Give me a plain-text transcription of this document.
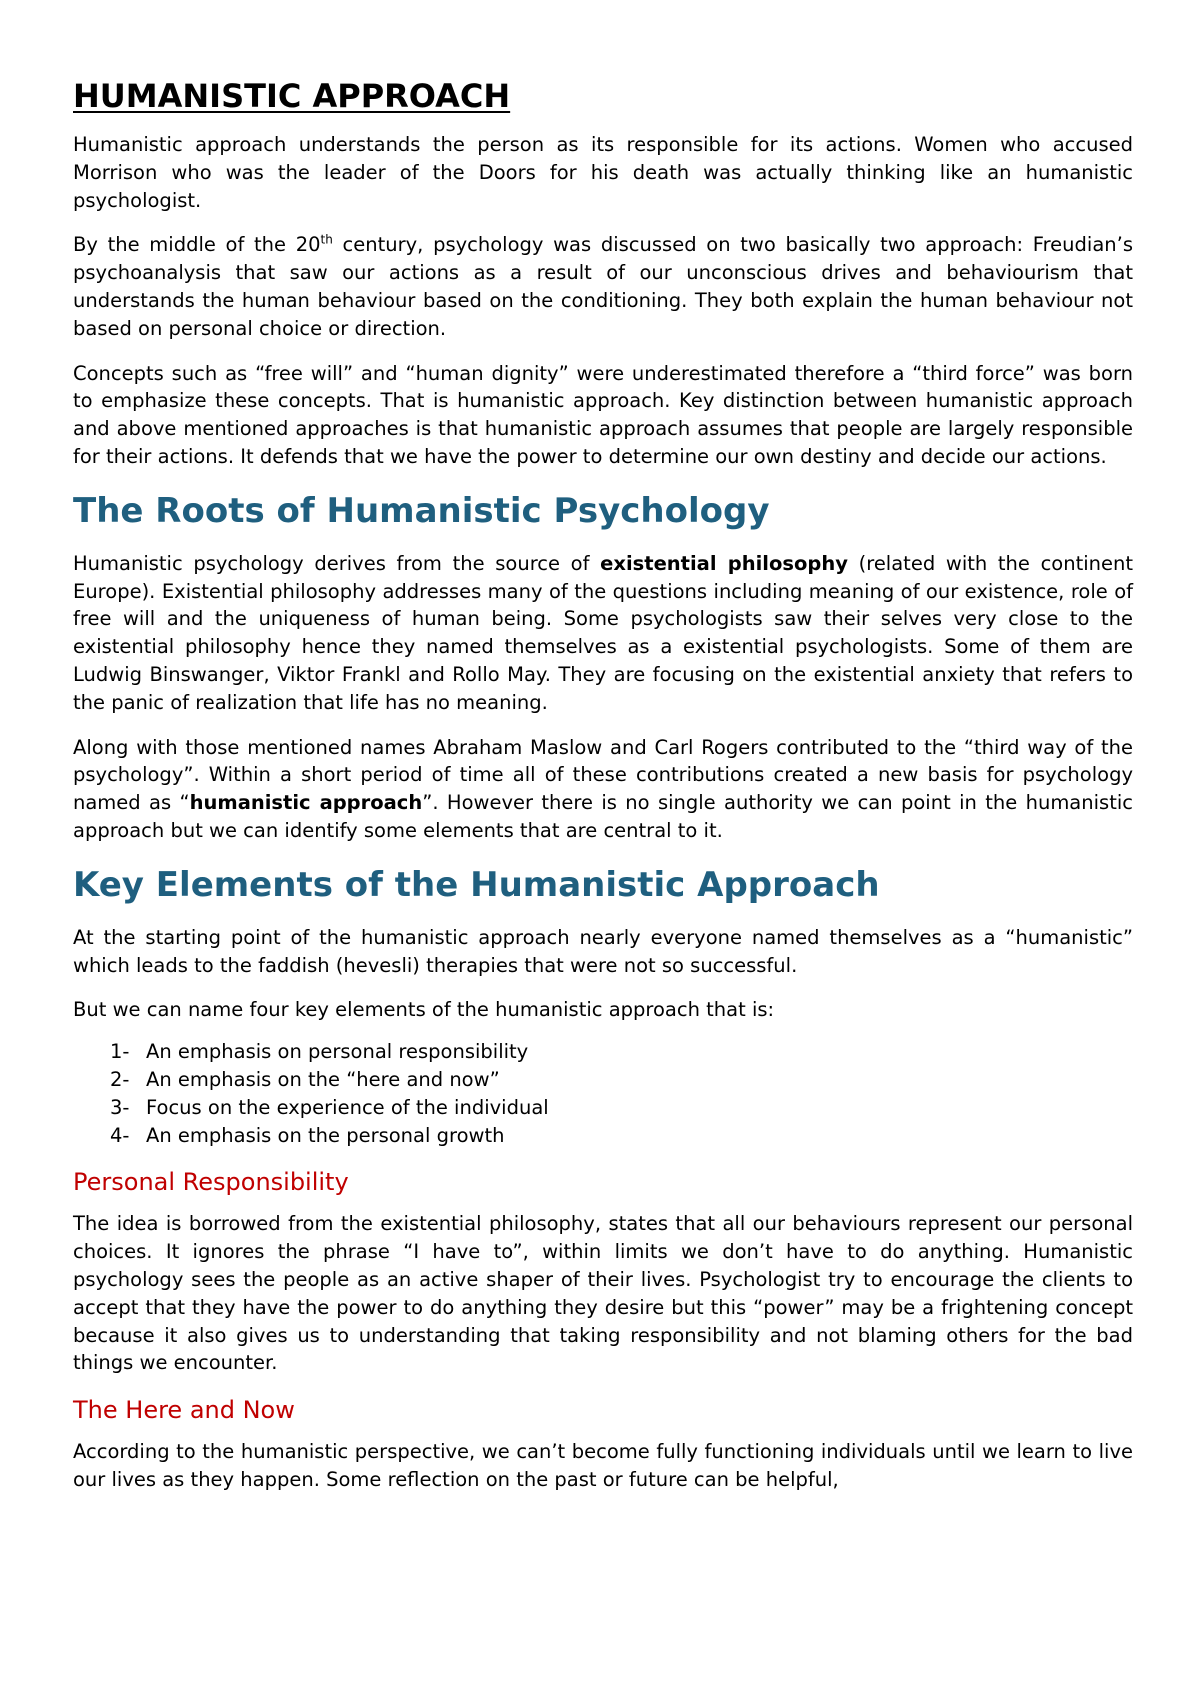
HUMANISTIC APPROACH

Humanistic approach understands the person as its responsible for its actions. Women who accused Morrison who was the leader of the Doors for his death was actually thinking like an humanistic psychologist.

By the middle of the 20th century, psychology was discussed on two basically two approach: Freudian’s psychoanalysis that saw our actions as a result of our unconscious drives and behaviourism that understands the human behaviour based on the conditioning. They both explain the human behaviour not based on personal choice or direction.

Concepts such as “free will” and “human dignity” were underestimated therefore a “third force” was born to emphasize these concepts. That is humanistic approach. Key distinction between humanistic approach and above mentioned approaches is that humanistic approach assumes that people are largely responsible for their actions. It defends that we have the power to determine our own destiny and decide our actions.

The Roots of Humanistic Psychology

Humanistic psychology derives from the source of existential philosophy (related with the continent Europe). Existential philosophy addresses many of the questions including meaning of our existence, role of free will and the uniqueness of human being. Some psychologists saw their selves very close to the existential philosophy hence they named themselves as a existential psychologists. Some of them are Ludwig Binswanger, Viktor Frankl and Rollo May. They are focusing on the existential anxiety that refers to the panic of realization that life has no meaning.

Along with those mentioned names Abraham Maslow and Carl Rogers contributed to the “third way of the psychology”. Within a short period of time all of these contributions created a new basis for psychology named as “humanistic approach”. However there is no single authority we can point in the humanistic approach but we can identify some elements that are central to it.

Key Elements of the Humanistic Approach

At the starting point of the humanistic approach nearly everyone named themselves as a “humanistic” which leads to the faddish (hevesli) therapies that were not so successful.

But we can name four key elements of the humanistic approach that is:

1- An emphasis on personal responsibility
2- An emphasis on the “here and now”
3- Focus on the experience of the individual
4- An emphasis on the personal growth
Personal Responsibility

The idea is borrowed from the existential philosophy, states that all our behaviours represent our personal choices. It ignores the phrase “I have to”, within limits we don’t have to do anything. Humanistic psychology sees the people as an active shaper of their lives. Psychologist try to encourage the clients to accept that they have the power to do anything they desire but this “power” may be a frightening concept because it also gives us to understanding that taking responsibility and not blaming others for the bad things we encounter.

The Here and Now

According to the humanistic perspective, we can’t become fully functioning individuals until we learn to live our lives as they happen. Some reflection on the past or future can be helpful,
